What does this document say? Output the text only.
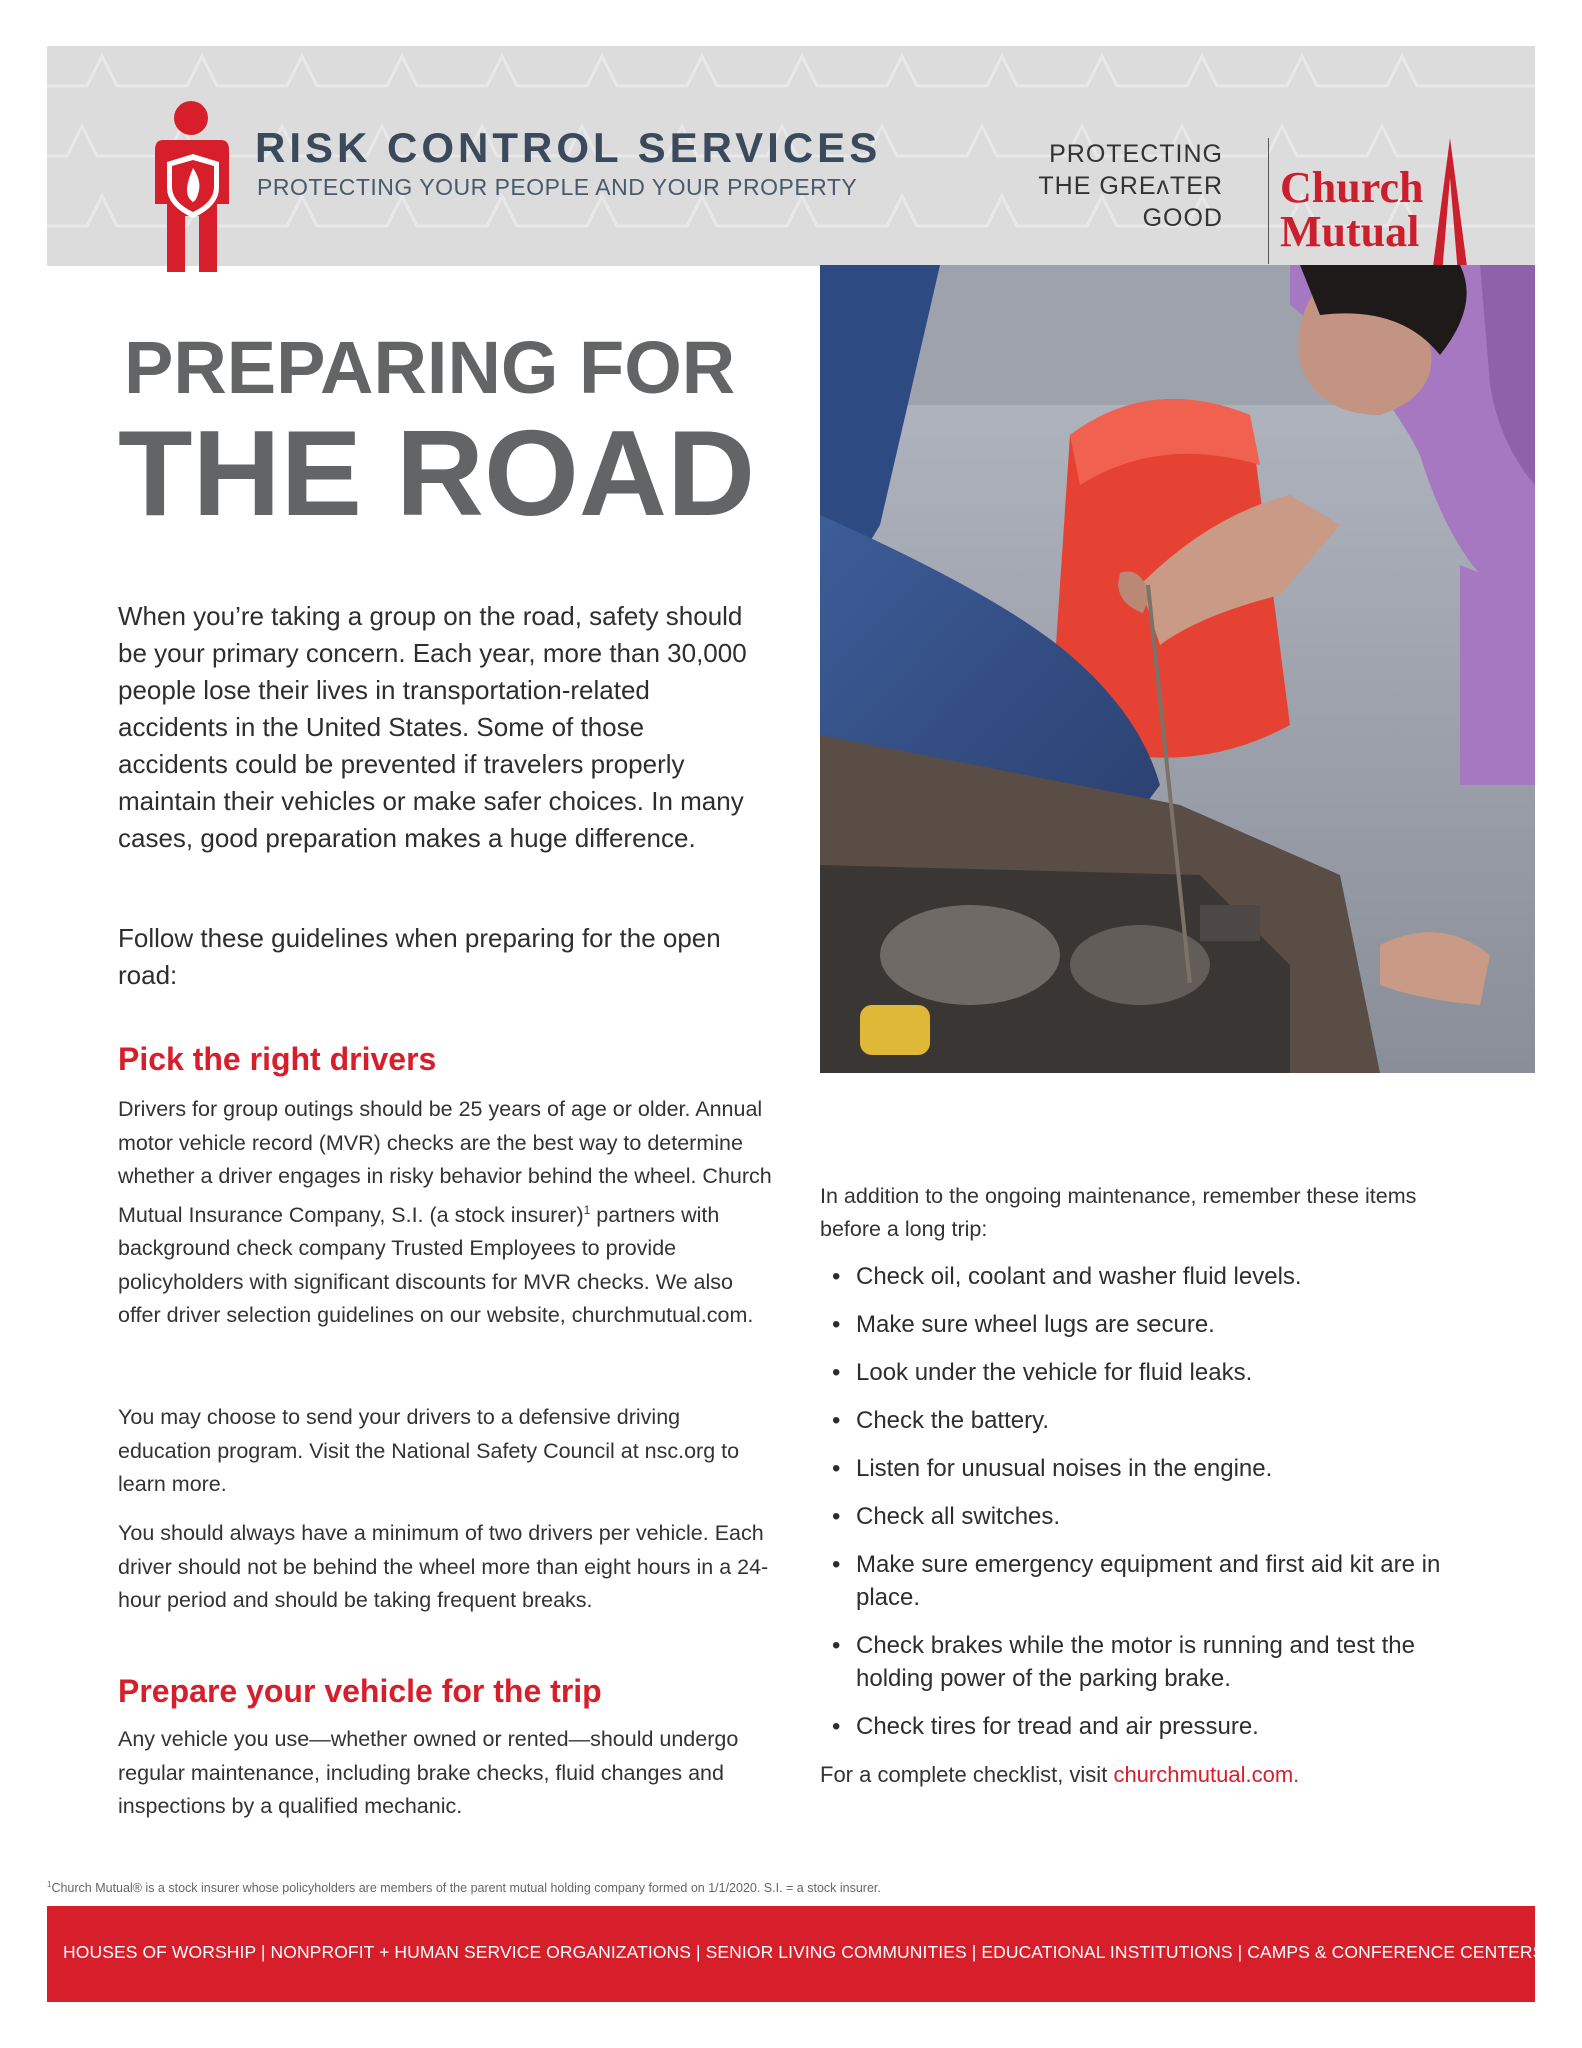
RISK CONTROL SERVICES
PROTECTING YOUR PEOPLE AND YOUR PROPERTY
PROTECTING
THE GREʌTER
GOOD
Church
Mutual
PREPARING FOR
THE ROAD

When you’re taking a group on the road, safety should be your primary concern. Each year, more than 30,000 people lose their lives in transportation-related accidents in the United States. Some of those accidents could be prevented if travelers properly maintain their vehicles or make safer choices. In many cases, good preparation makes a huge difference.

Follow these guidelines when preparing for the open road:

Pick the right drivers

Drivers for group outings should be 25 years of age or older. Annual motor vehicle record (MVR) checks are the best way to determine whether a driver engages in risky behavior behind the wheel. Church Mutual Insurance Company, S.I. (a stock insurer)$^1$ partners with background check company Trusted Employees to provide policyholders with significant discounts for MVR checks. We also offer driver selection guidelines on our website, churchmutual.com.

You may choose to send your drivers to a defensive driving education program. Visit the National Safety Council at nsc.org to learn more.

You should always have a minimum of two drivers per vehicle. Each driver should not be behind the wheel more than eight hours in a 24-hour period and should be taking frequent breaks.

Prepare your vehicle for the trip

Any vehicle you use—whether owned or rented—should undergo regular maintenance, including brake checks, fluid changes and inspections by a qualified mechanic.

In addition to the ongoing maintenance, remember these items before a long trip:

• Check oil, coolant and washer fluid levels.
• Make sure wheel lugs are secure.
• Look under the vehicle for fluid leaks.
• Check the battery.
• Listen for unusual noises in the engine.
• Check all switches.
• Make sure emergency equipment and first aid kit are in place.
• Check brakes while the motor is running and test the holding power of the parking brake.
• Check tires for tread and air pressure.

For a complete checklist, visit churchmutual.com.

$^1$Church Mutual® is a stock insurer whose policyholders are members of the parent mutual holding company formed on 1/1/2020. S.I. = a stock insurer.
HOUSES OF WORSHIP | NONPROFIT + HUMAN SERVICE ORGANIZATIONS | SENIOR LIVING COMMUNITIES | EDUCATIONAL INSTITUTIONS | CAMPS & CONFERENCE CENTERS
